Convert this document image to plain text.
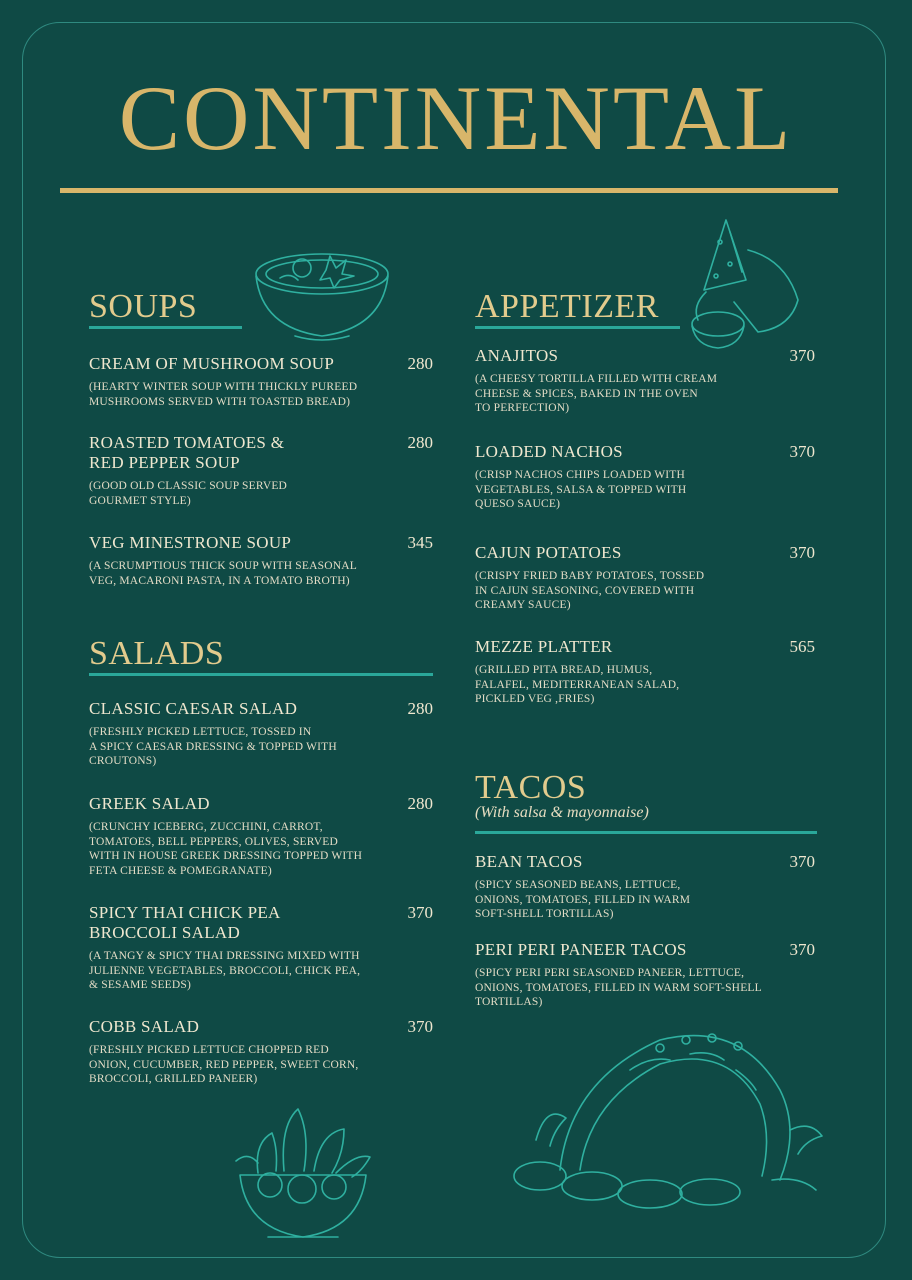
CONTINENTAL
SOUPS
CREAM OF MUSHROOM SOUP	280
(HEARTY WINTER SOUP WITH THICKLY PUREED
MUSHROOMS SERVED WITH TOASTED BREAD)
ROASTED TOMATOES &
RED PEPPER SOUP
280
(GOOD OLD CLASSIC SOUP SERVED
GOURMET STYLE)
VEG MINESTRONE SOUP	345
(A SCRUMPTIOUS THICK SOUP WITH SEASONAL
VEG, MACARONI PASTA, IN A TOMATO BROTH)
SALADS
CLASSIC CAESAR SALAD	280
(FRESHLY PICKED LETTUCE, TOSSED IN
A SPICY CAESAR DRESSING & TOPPED WITH
CROUTONS)
GREEK SALAD	280
(CRUNCHY ICEBERG, ZUCCHINI, CARROT,
TOMATOES, BELL PEPPERS, OLIVES, SERVED
WITH IN HOUSE GREEK DRESSING TOPPED WITH
FETA CHEESE & POMEGRANATE)
SPICY THAI CHICK PEA
BROCCOLI SALAD
370
(A TANGY & SPICY THAI DRESSING MIXED WITH
JULIENNE VEGETABLES, BROCCOLI, CHICK PEA,
& SESAME SEEDS)
COBB SALAD	370
(FRESHLY PICKED LETTUCE CHOPPED RED
ONION, CUCUMBER, RED PEPPER, SWEET CORN,
BROCCOLI, GRILLED PANEER)
APPETIZER
ANAJITOS	370
(A CHEESY TORTILLA FILLED WITH CREAM
CHEESE & SPICES, BAKED IN THE OVEN
TO PERFECTION)
LOADED NACHOS	370
(CRISP NACHOS CHIPS LOADED WITH
VEGETABLES, SALSA & TOPPED WITH
QUESO SAUCE)
CAJUN POTATOES	370
(CRISPY FRIED BABY POTATOES, TOSSED
IN CAJUN SEASONING, COVERED WITH
CREAMY SAUCE)
MEZZE PLATTER	565
(GRILLED PITA BREAD, HUMUS,
FALAFEL, MEDITERRANEAN SALAD,
PICKLED VEG ,FRIES)
TACOS
(With salsa & mayonnaise)
BEAN TACOS	370
(SPICY SEASONED BEANS, LETTUCE,
ONIONS, TOMATOES, FILLED IN WARM
SOFT-SHELL TORTILLAS)
PERI PERI PANEER TACOS	370
(SPICY PERI PERI SEASONED PANEER, LETTUCE,
ONIONS, TOMATOES, FILLED IN WARM SOFT-SHELL
TORTILLAS)
